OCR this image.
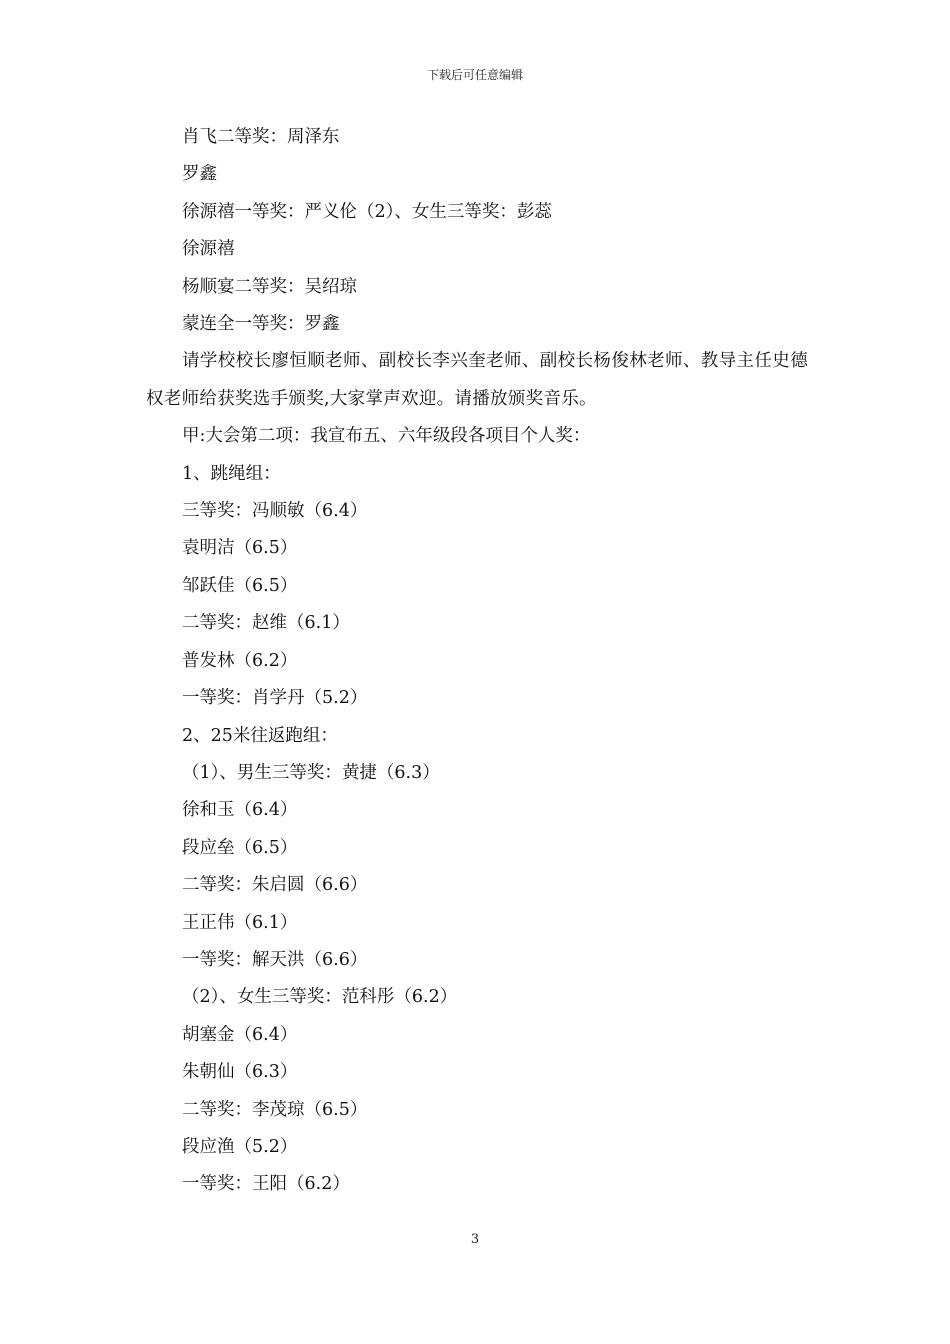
下载后可任意编辑

肖飞二等奖：周泽东

罗鑫

徐源禧一等奖：严义伦（2）、女生三等奖：彭蕊

徐源禧

杨顺宴二等奖：吴绍琼

蒙连全一等奖：罗鑫

请学校校长廖恒顺老师、副校长李兴奎老师、副校长杨俊林老师、教导主任史德权老师给获奖选手颁奖,大家掌声欢迎。请播放颁奖音乐。

甲:大会第二项：我宣布五、六年级段各项目个人奖：

1、跳绳组：

三等奖：冯顺敏（6.4）

袁明洁（6.5）

邹跃佳（6.5）

二等奖：赵维（6.1）

普发林（6.2）

一等奖：肖学丹（5.2）

2、25米往返跑组：

（1）、男生三等奖：黄捷（6.3）

徐和玉（6.4）

段应垒（6.5）

二等奖：朱启圆（6.6）

王正伟（6.1）

一等奖：解天洪（6.6）

（2）、女生三等奖：范科彤（6.2）

胡塞金（6.4）

朱朝仙（6.3）

二等奖：李茂琼（6.5）

段应渔（5.2）

一等奖：王阳（6.2）

3
